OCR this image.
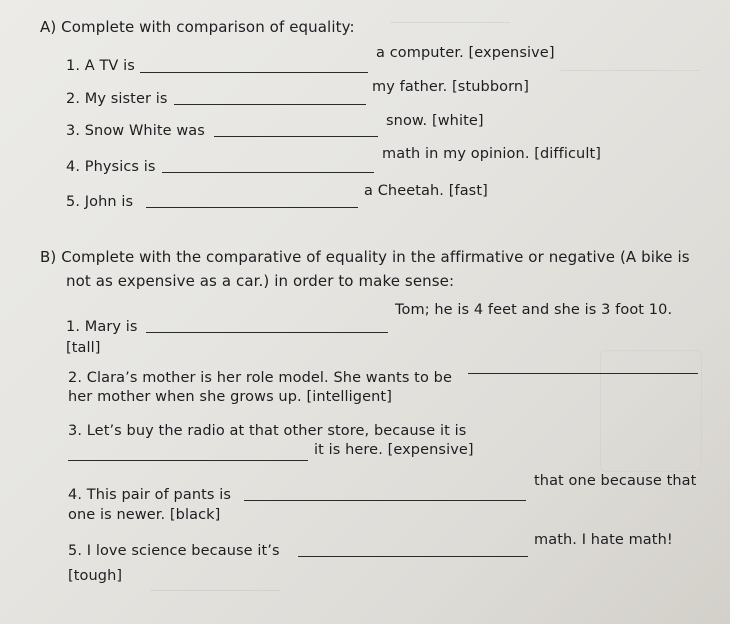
A) Complete with comparison of equality:
1. A TV is
a computer. [expensive]
2. My sister is
my father. [stubborn]
3. Snow White was
snow. [white]
4. Physics is
math in my opinion. [difficult]
5. John is
a Cheetah. [fast]
B) Complete with the comparative of equality in the affirmative or negative (A bike is
not as expensive as a car.) in order to make sense:
1. Mary is
Tom; he is 4 feet and she is 3 foot 10.
[tall]
2. Clara’s mother is her role model. She wants to be
her mother when she grows up. [intelligent]
3. Let’s buy the radio at that other store, because it is
it is here. [expensive]
4. This pair of pants is
that one because that
one is newer. [black]
5. I love science because it’s
math. I hate math!
[tough]
